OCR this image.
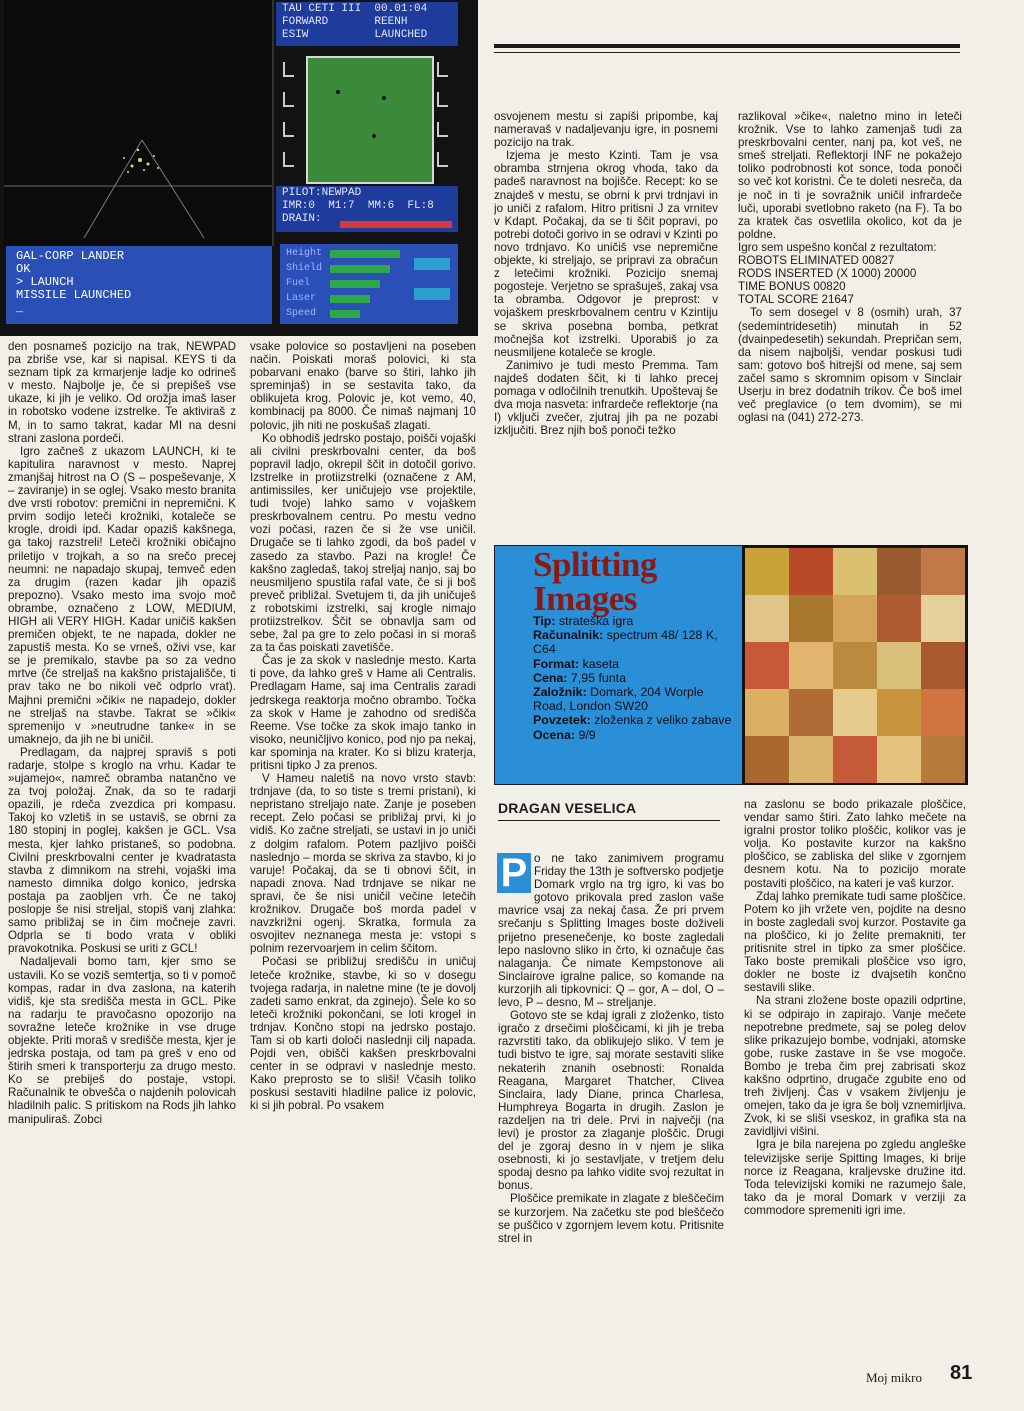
TAU CETI III  00.01:04
FORWARD       REENH
ESIW          LAUNCHED
PILOT:NEWPAD
IMR:0  M1:7  MM:6  FL:8
DRAIN:
GAL-CORP LANDER
OK
> LAUNCH
MISSILE LAUNCHED
_
Height
Shield
Fuel
Laser
Speed

den posnameš pozicijo na trak, NEWPAD pa zbriše vse, kar si napisal. KEYS ti da seznam tipk za krmarjenje ladje ko odrineš v mesto. Najbolje je, če si prepišeš vse ukaze, ki jih je veliko. Od orožja imaš laser in robotsko vodene izstrelke. Te aktiviraš z M, in to samo takrat, kadar MI na desni strani zaslona pordeči.

Igro začneš z ukazom LAUNCH, ki te kapitulira naravnost v mesto. Naprej zmanjšaj hitrost na O (S – pospeševanje, X – zaviranje) in se oglej. Vsako mesto branita dve vrsti robotov: premični in nepremični. K prvim sodijo leteči krožniki, kotaleče se krogle, droidi ipd. Kadar opaziš kakšnega, ga takoj razstreli! Leteči krožniki običajno priletijo v trojkah, a so na srečo precej neumni: ne napadajo skupaj, temveč eden za drugim (razen kadar jih opaziš prepozno). Vsako mesto ima svojo moč obrambe, označeno z LOW, MEDIUM, HIGH ali VERY HIGH. Kadar uničiš kakšen premičen objekt, te ne napada, dokler ne zapustiš mesta. Ko se vrneš, oživi vse, kar se je premikalo, stavbe pa so za vedno mrtve (če streljaš na kakšno pristajališče, ti prav tako ne bo nikoli več odprlo vrat). Majhni premični »čiki« ne napadejo, dokler ne streljaš na stavbe. Takrat se »čiki« spremenijo v »neutrudne tanke« in se umaknejo, da jih ne bi uničil.

Predlagam, da najprej spraviš s poti radarje, stolpe s kroglo na vrhu. Kadar te »ujamejo«, namreč obramba natančno ve za tvoj položaj. Znak, da so te radarji opazili, je rdeča zvezdica pri kompasu. Takoj ko vzletiš in se ustaviš, se obrni za 180 stopinj in poglej, kakšen je GCL. Vsa mesta, kjer lahko pristaneš, so podobna. Civilni preskrbovalni center je kvadratasta stavba z dimnikom na strehi, vojaški ima namesto dimnika dolgo konico, jedrska postaja pa zaobljen vrh. Če ne takoj poslopje še nisi streljal, stopiš vanj zlahka: samo približaj se in čim močneje zavri. Odprla se ti bodo vrata v obliki pravokotnika. Poskusi se uriti z GCL!

Nadaljevali bomo tam, kjer smo se ustavili. Ko se voziš semtertja, so ti v pomoč kompas, radar in dva zaslona, na katerih vidiš, kje sta središča mesta in GCL. Pike na radarju te pravočasno opozorijo na sovražne leteče krožnike in vse druge objekte. Priti moraš v središče mesta, kjer je jedrska postaja, od tam pa greš v eno od štirih smeri k transporterju za drugo mesto. Ko se prebiješ do postaje, vstopi. Računalnik te obvešča o najdenih polovicah hladilnih palic. S pritiskom na Rods jih lahko manipuliraš. Zobci

vsake polovice so postavljeni na poseben način. Poiskati moraš polovici, ki sta pobarvani enako (barve so štiri, lahko jih spreminjaš) in se sestavita tako, da oblikujeta krog. Polovic je, kot vemo, 40, kombinacij pa 8000. Če nimaš najmanj 10 polovic, jih niti ne poskušaš zlagati.

Ko obhodiš jedrsko postajo, poišči vojaški ali civilni preskrbovalni center, da boš popravil ladjo, okrepil ščit in dotočil gorivo. Izstrelke in protiizstrelki (označene z AM, antimissiles, ker uničujejo vse projektile, tudi tvoje) lahko samo v vojaškem preskrbovalnem centru. Po mestu vedno vozi počasi, razen če si že vse uničil. Drugače se ti lahko zgodi, da boš padel v zasedo za stavbo. Pazi na krogle! Če kakšno zagledaš, takoj streljaj nanjo, saj bo neusmiljeno spustila rafal vate, če si ji boš preveč približal. Svetujem ti, da jih uničuješ z robotskimi izstrelki, saj krogle nimajo protiizstrelkov. Ščit se obnavlja sam od sebe, žal pa gre to zelo počasi in si moraš za ta čas poiskati zavetišče.

Čas je za skok v naslednje mesto. Karta ti pove, da lahko greš v Hame ali Centralis. Predlagam Hame, saj ima Centralis zaradi jedrskega reaktorja močno obrambo. Točka za skok v Hame je zahodno od središča Reeme. Vse točke za skok imajo tanko in visoko, neuničljivo konico, pod njo pa nekaj, kar spominja na krater. Ko si blizu kraterja, pritisni tipko J za prenos.

V Hameu naletiš na novo vrsto stavb: trdnjave (da, to so tiste s tremi pristani), ki nepristano streljajo nate. Zanje je poseben recept. Zelo počasi se približaj prvi, ki jo vidiš. Ko začne streljati, se ustavi in jo uniči z dolgim rafalom. Potem pazljivo poišči naslednjo – morda se skriva za stavbo, ki jo varuje! Počakaj, da se ti obnovi ščit, in napadi znova. Nad trdnjave se nikar ne spravi, če še nisi uničil večine letečih krožnikov. Drugače boš morda padel v navzkrižni ogenj. Skratka, formula za osvojitev neznanega mesta je: vstopi s polnim rezervoarjem in celim ščitom.

Počasi se približuj središču in uničuj leteče krožnike, stavbe, ki so v dosegu tvojega radarja, in naletne mine (te je dovolj zadeti samo enkrat, da zginejo). Šele ko so leteči krožniki pokončani, se loti krogel in trdnjav. Končno stopi na jedrsko postajo. Tam si ob karti določi naslednji cilj napada. Pojdi ven, obišči kakšen preskrbovalni center in se odpravi v naslednje mesto. Kako preprosto se to sliši! Včasih toliko poskusi sestaviti hladilne palice iz polovic, ki si jih pobral. Po vsakem

osvojenem mestu si zapiši pripombe, kaj nameravaš v nadaljevanju igre, in posnemi pozicijo na trak.

Izjema je mesto Kzinti. Tam je vsa obramba strnjena okrog vhoda, tako da padeš naravnost na bojišče. Recept: ko se znajdeš v mestu, se obrni k prvi trdnjavi in jo uniči z rafalom. Hitro pritisni J za vrnitev v Kdapt. Počakaj, da se ti ščit popravi, po potrebi dotoči gorivo in se odravi v Kzinti po novo trdnjavo. Ko uničiš vse nepremične objekte, ki streljajo, se pripravi za obračun z letečimi krožniki. Pozicijo snemaj pogosteje. Verjetno se sprašuješ, zakaj vsa ta obramba. Odgovor je preprost: v vojaškem preskrbovalnem centru v Kzintiju se skriva posebna bomba, petkrat močnejša kot izstrelki. Uporabiš jo za neusmiljene kotaleče se krogle.

Zanimivo je tudi mesto Premma. Tam najdeš dodaten ščit, ki ti lahko precej pomaga v odločilnih trenutkih. Upoštevaj še dva moja nasveta: infrardeče reflektorje (na I) vključi zvečer, zjutraj jih pa ne pozabi izključiti. Brez njih boš ponoči težko

razlikoval »čike«, naletno mino in leteči krožnik. Vse to lahko zamenjaš tudi za preskrbovalni center, nanj pa, kot veš, ne smeš streljati. Reflektorji INF ne pokažejo toliko podrobnosti kot sonce, toda ponoči so več kot koristni. Če te doleti nesreča, da je noč in ti je sovražnik uničil infrardeče luči, uporabi svetlobno raketo (na F). Ta bo za kratek čas osvetlila okolico, kot da je poldne.

Igro sem uspešno končal z rezultatom:

ROBOTS ELIMINATED 00827

RODS INSERTED (X 1000) 20000

TIME BONUS 00820

TOTAL SCORE 21647

To sem dosegel v 8 (osmih) urah, 37 (sedemintridesetih) minutah in 52 (dvainpedesetih) sekundah. Prepričan sem, da nisem najboljši, vendar poskusi tudi sam: gotovo boš hitrejši od mene, saj sem začel samo s skromnim opisom v Sinclair Userju in brez dodatnih trikov. Če boš imel več preglavice (o tem dvomim), se mi oglasi na (041) 272-273.

Splitting
Images
Tip: strateška igra
Računalnik: spectrum 48/ 128 K, C64
Format: kaseta
Cena: 7,95 funta
Založnik: Domark, 204 Worple Road, London SW20
Povzetek: zloženka z veliko zabave
Ocena: 9/9
DRAGAN VESELICA
P o ne tako zanimivem programu Friday the 13th je softversko podjetje Domark vrglo na trg igro, ki vas bo gotovo prikovala pred zaslon vaše mavrice vsaj za nekaj časa. Že pri prvem srečanju s Splitting Images boste doživeli prijetno presenečenje, ko boste zagledali lepo naslovno sliko in črto, ki označuje čas nalaganja. Če nimate Kempstonove ali Sinclairove igralne palice, so komande na kurzorjih ali tipkovnici: Q – gor, A – dol, O – levo, P – desno, M – streljanje.

Gotovo ste se kdaj igrali z zloženko, tisto igračo z drsečimi ploščicami, ki jih je treba razvrstiti tako, da oblikujejo sliko. V tem je tudi bistvo te igre, saj morate sestaviti slike nekaterih znanih osebnosti: Ronalda Reagana, Margaret Thatcher, Clivea Sinclaira, lady Diane, princa Charlesa, Humphreya Bogarta in drugih. Zaslon je razdeljen na tri dele. Prvi in največji (na levi) je prostor za zlaganje ploščic. Drugi del je zgoraj desno in v njem je slika osebnosti, ki jo sestavljate, v tretjem delu spodaj desno pa lahko vidite svoj rezultat in bonus.

Ploščice premikate in zlagate z bleščečim se kurzorjem. Na začetku ste pod bleščečo se puščico v zgornjem levem kotu. Pritisnite strel in

na zaslonu se bodo prikazale ploščice, vendar samo štiri. Zato lahko mečete na igralni prostor toliko ploščic, kolikor vas je volja. Ko postavite kurzor na kakšno ploščico, se zabliska del slike v zgornjem desnem kotu. Na to pozicijo morate postaviti ploščico, na kateri je vaš kurzor.

Zdaj lahko premikate tudi same ploščice. Potem ko jih vržete ven, pojdite na desno in boste zagledali svoj kurzor. Postavite ga na ploščico, ki jo želite premakniti, ter pritisnite strel in tipko za smer ploščice. Tako boste premikali ploščice vso igro, dokler ne boste iz dvajsetih končno sestavili slike.

Na strani zložene boste opazili odprtine, ki se odpirajo in zapirajo. Vanje mečete nepotrebne predmete, saj se poleg delov slike prikazujejo bombe, vodnjaki, atomske gobe, ruske zastave in še vse mogoče. Bombo je treba čim prej zabrisati skoz kakšno odprtino, drugače zgubite eno od treh življenj. Čas v vsakem življenju je omejen, tako da je igra še bolj vznemirljiva. Zvok, ki se sliši vseskoz, in grafika sta na zavidljivi višini.

Igra je bila narejena po zgledu angleške televizijske serije Spitting Images, ki brije norce iz Reagana, kraljevske družine itd. Toda televizijski komiki ne razumejo šale, tako da je moral Domark v verziji za commodore spremeniti igri ime.

Moj mikro 81
